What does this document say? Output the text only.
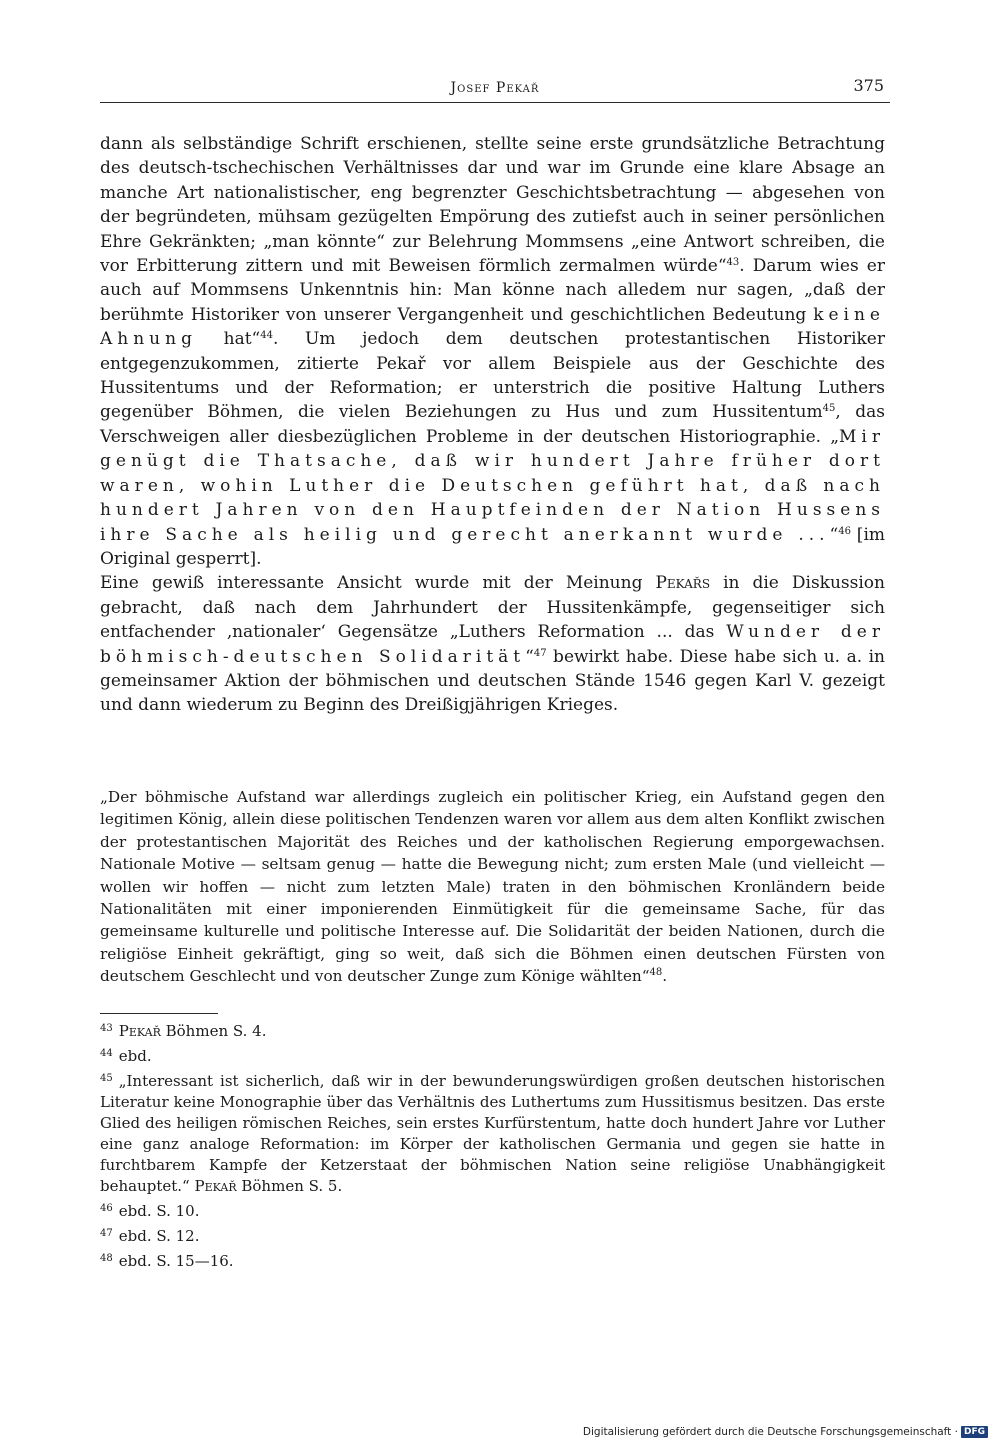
Josef Pekař	375

dann als selbständige Schrift erschienen, stellte seine erste grundsätzliche Betrachtung des deutsch-tschechischen Verhältnisses dar und war im Grunde eine klare Absage an manche Art nationalistischer, eng begrenzter Geschichtsbetrachtung — abgesehen von der begründeten, mühsam gezügelten Empörung des zutiefst auch in seiner persönlichen Ehre Gekränkten; „man könnte“ zur Belehrung Mommsens „eine Antwort schreiben, die vor Erbitterung zittern und mit Beweisen förmlich zermalmen würde“$^{43}$. Darum wies er auch auf Mommsens Unkenntnis hin: Man könne nach alledem nur sagen, „daß der berühmte Historiker von unserer Vergangenheit und geschichtlichen Bedeutung keine Ahnung hat“$^{44}$. Um jedoch dem deutschen protestantischen Historiker entgegenzukommen, zitierte Pekař vor allem Beispiele aus der Geschichte des Hussitentums und der Reformation; er unterstrich die positive Haltung Luthers gegenüber Böhmen, die vielen Beziehungen zu Hus und zum Hussitentum$^{45}$, das Verschweigen aller diesbezüglichen Probleme in der deutschen Historiographie. „Mir genügt die Thatsache, daß wir hundert Jahre früher dort waren, wohin Luther die Deutschen geführt hat, daß nach hundert Jahren von den Hauptfeinden der Nation Hussens ihre Sache als heilig und gerecht anerkannt wurde ...“$^{46}$ [im Original gesperrt].

Eine gewiß interessante Ansicht wurde mit der Meinung Pekařs in die Diskussion gebracht, daß nach dem Jahrhundert der Hussitenkämpfe, gegenseitiger sich entfachender ‚nationaler‘ Gegensätze „Luthers Reformation ... das Wunder der böhmisch-deutschen Solidarität“$^{47}$ bewirkt habe. Diese habe sich u. a. in gemeinsamer Aktion der böhmischen und deutschen Stände 1546 gegen Karl V. gezeigt und dann wiederum zu Beginn des Dreißigjährigen Krieges.

„Der böhmische Aufstand war allerdings zugleich ein politischer Krieg, ein Aufstand gegen den legitimen König, allein diese politischen Tendenzen waren vor allem aus dem alten Konflikt zwischen der protestantischen Majorität des Reiches und der katholischen Regierung emporgewachsen. Nationale Motive — seltsam genug — hatte die Bewegung nicht; zum ersten Male (und vielleicht — wollen wir hoffen — nicht zum letzten Male) traten in den böhmischen Kronländern beide Nationalitäten mit einer imponierenden Einmütigkeit für die gemeinsame Sache, für das gemeinsame kulturelle und politische Interesse auf. Die Solidarität der beiden Nationen, durch die religiöse Einheit gekräftigt, ging so weit, daß sich die Böhmen einen deutschen Fürsten von deutschem Geschlecht und von deutscher Zunge zum Könige wählten“$^{48}$.

$^{43}$ Pekař Böhmen S. 4.

$^{44}$ ebd.

$^{45}$ „Interessant ist sicherlich, daß wir in der bewunderungswürdigen großen deutschen historischen Literatur keine Monographie über das Verhältnis des Luthertums zum Hussitismus besitzen. Das erste Glied des heiligen römischen Reiches, sein erstes Kurfürstentum, hatte doch hundert Jahre vor Luther eine ganz analoge Reformation: im Körper der katholischen Germania und gegen sie hatte in furchtbarem Kampfe der Ketzerstaat der böhmischen Nation seine religiöse Unabhängigkeit behauptet.“ Pekař Böhmen S. 5.

$^{46}$ ebd. S. 10.

$^{47}$ ebd. S. 12.

$^{48}$ ebd. S. 15—16.

Digitalisierung gefördert durch die Deutsche Forschungsgemeinschaft · DFG
